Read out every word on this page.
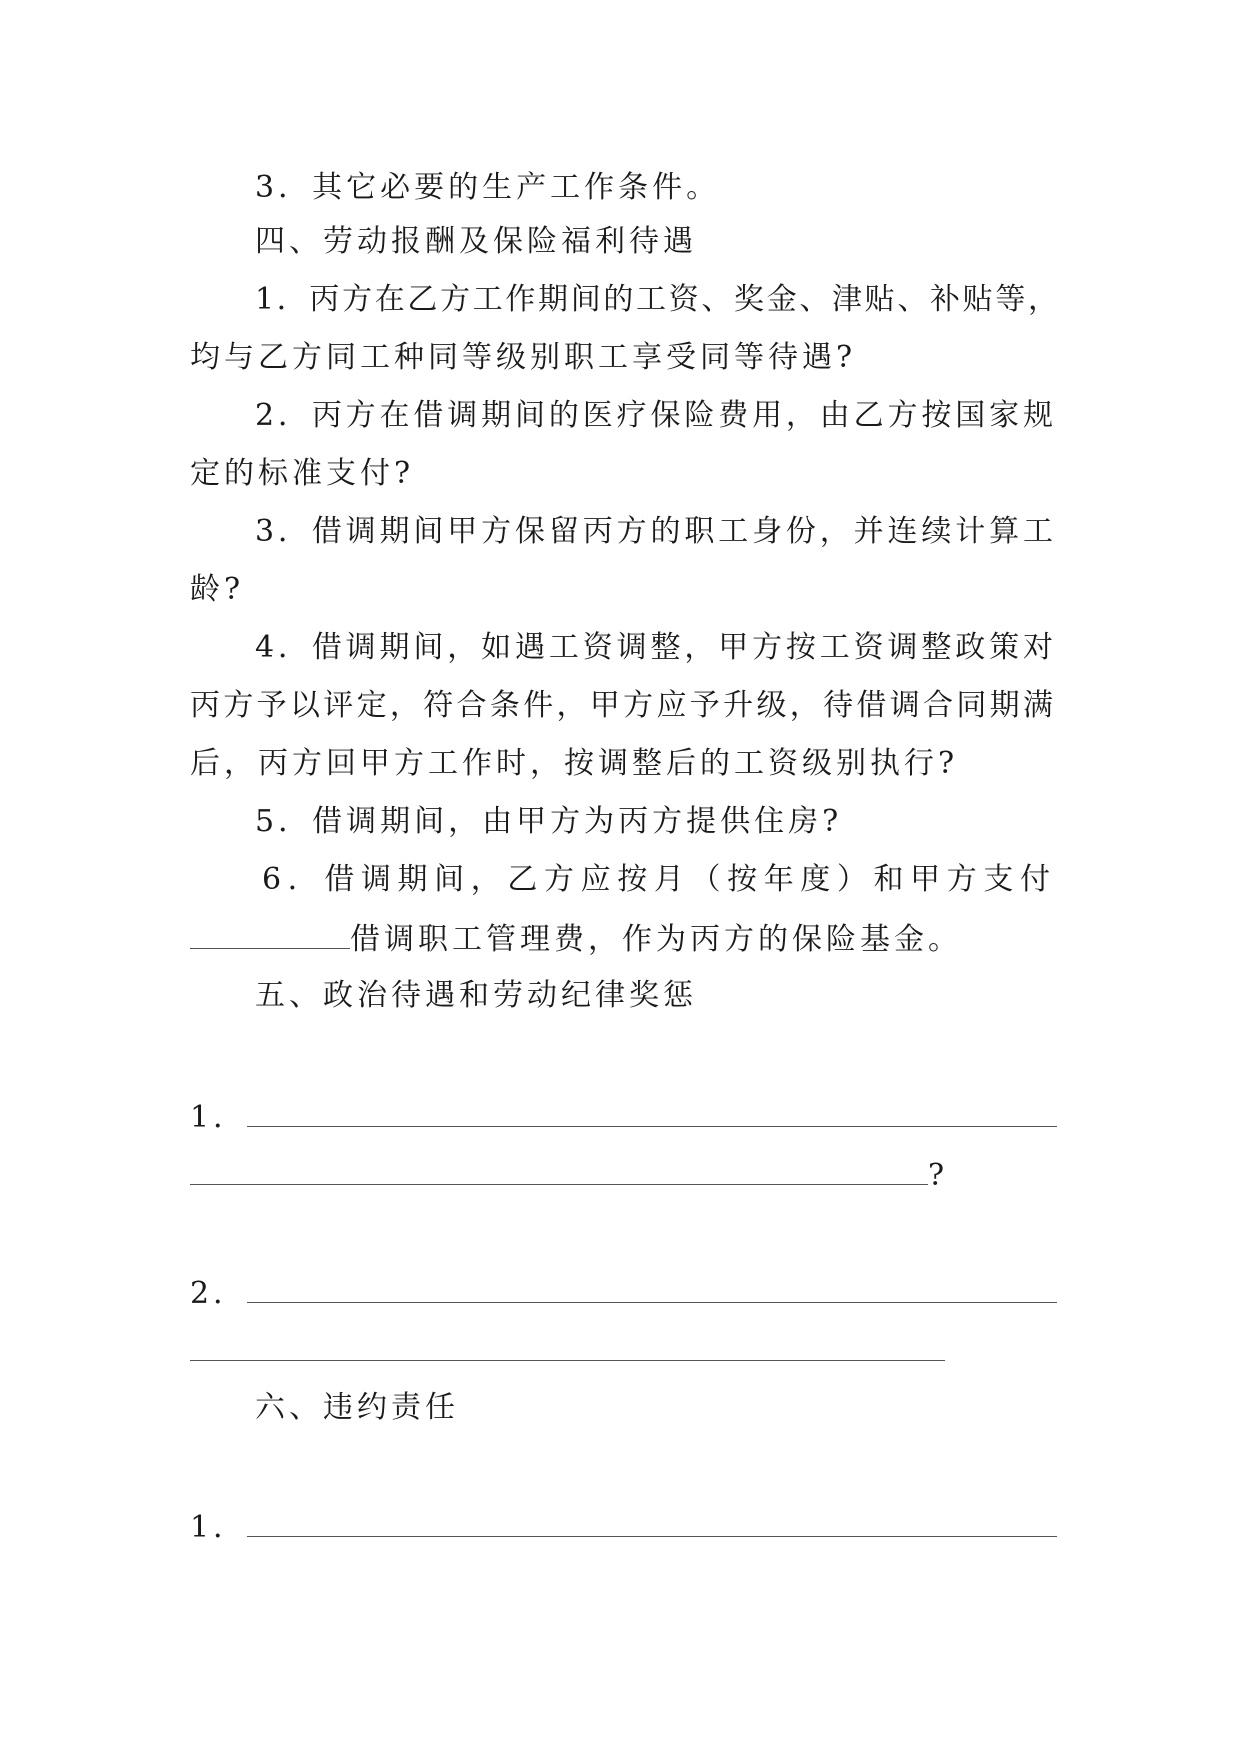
3．其它必要的生产工作条件。
四、劳动报酬及保险福利待遇
1．丙方在乙方工作期间的工资、奖金、津贴、补贴等，
均与乙方同工种同等级别职工享受同等待遇?
2．丙方在借调期间的医疗保险费用，由乙方按国家规
定的标准支付?
3．借调期间甲方保留丙方的职工身份，并连续计算工
龄?
4．借调期间，如遇工资调整，甲方按工资调整政策对
丙方予以评定，符合条件，甲方应予升级，待借调合同期满
后，丙方回甲方工作时，按调整后的工资级别执行?
5．借调期间，由甲方为丙方提供住房?
6．借调期间，乙方应按月（按年度）和甲方支付
借调职工管理费，作为丙方的保险基金。
五、政治待遇和劳动纪律奖惩
1．
?
2．
六、违约责任
1．
